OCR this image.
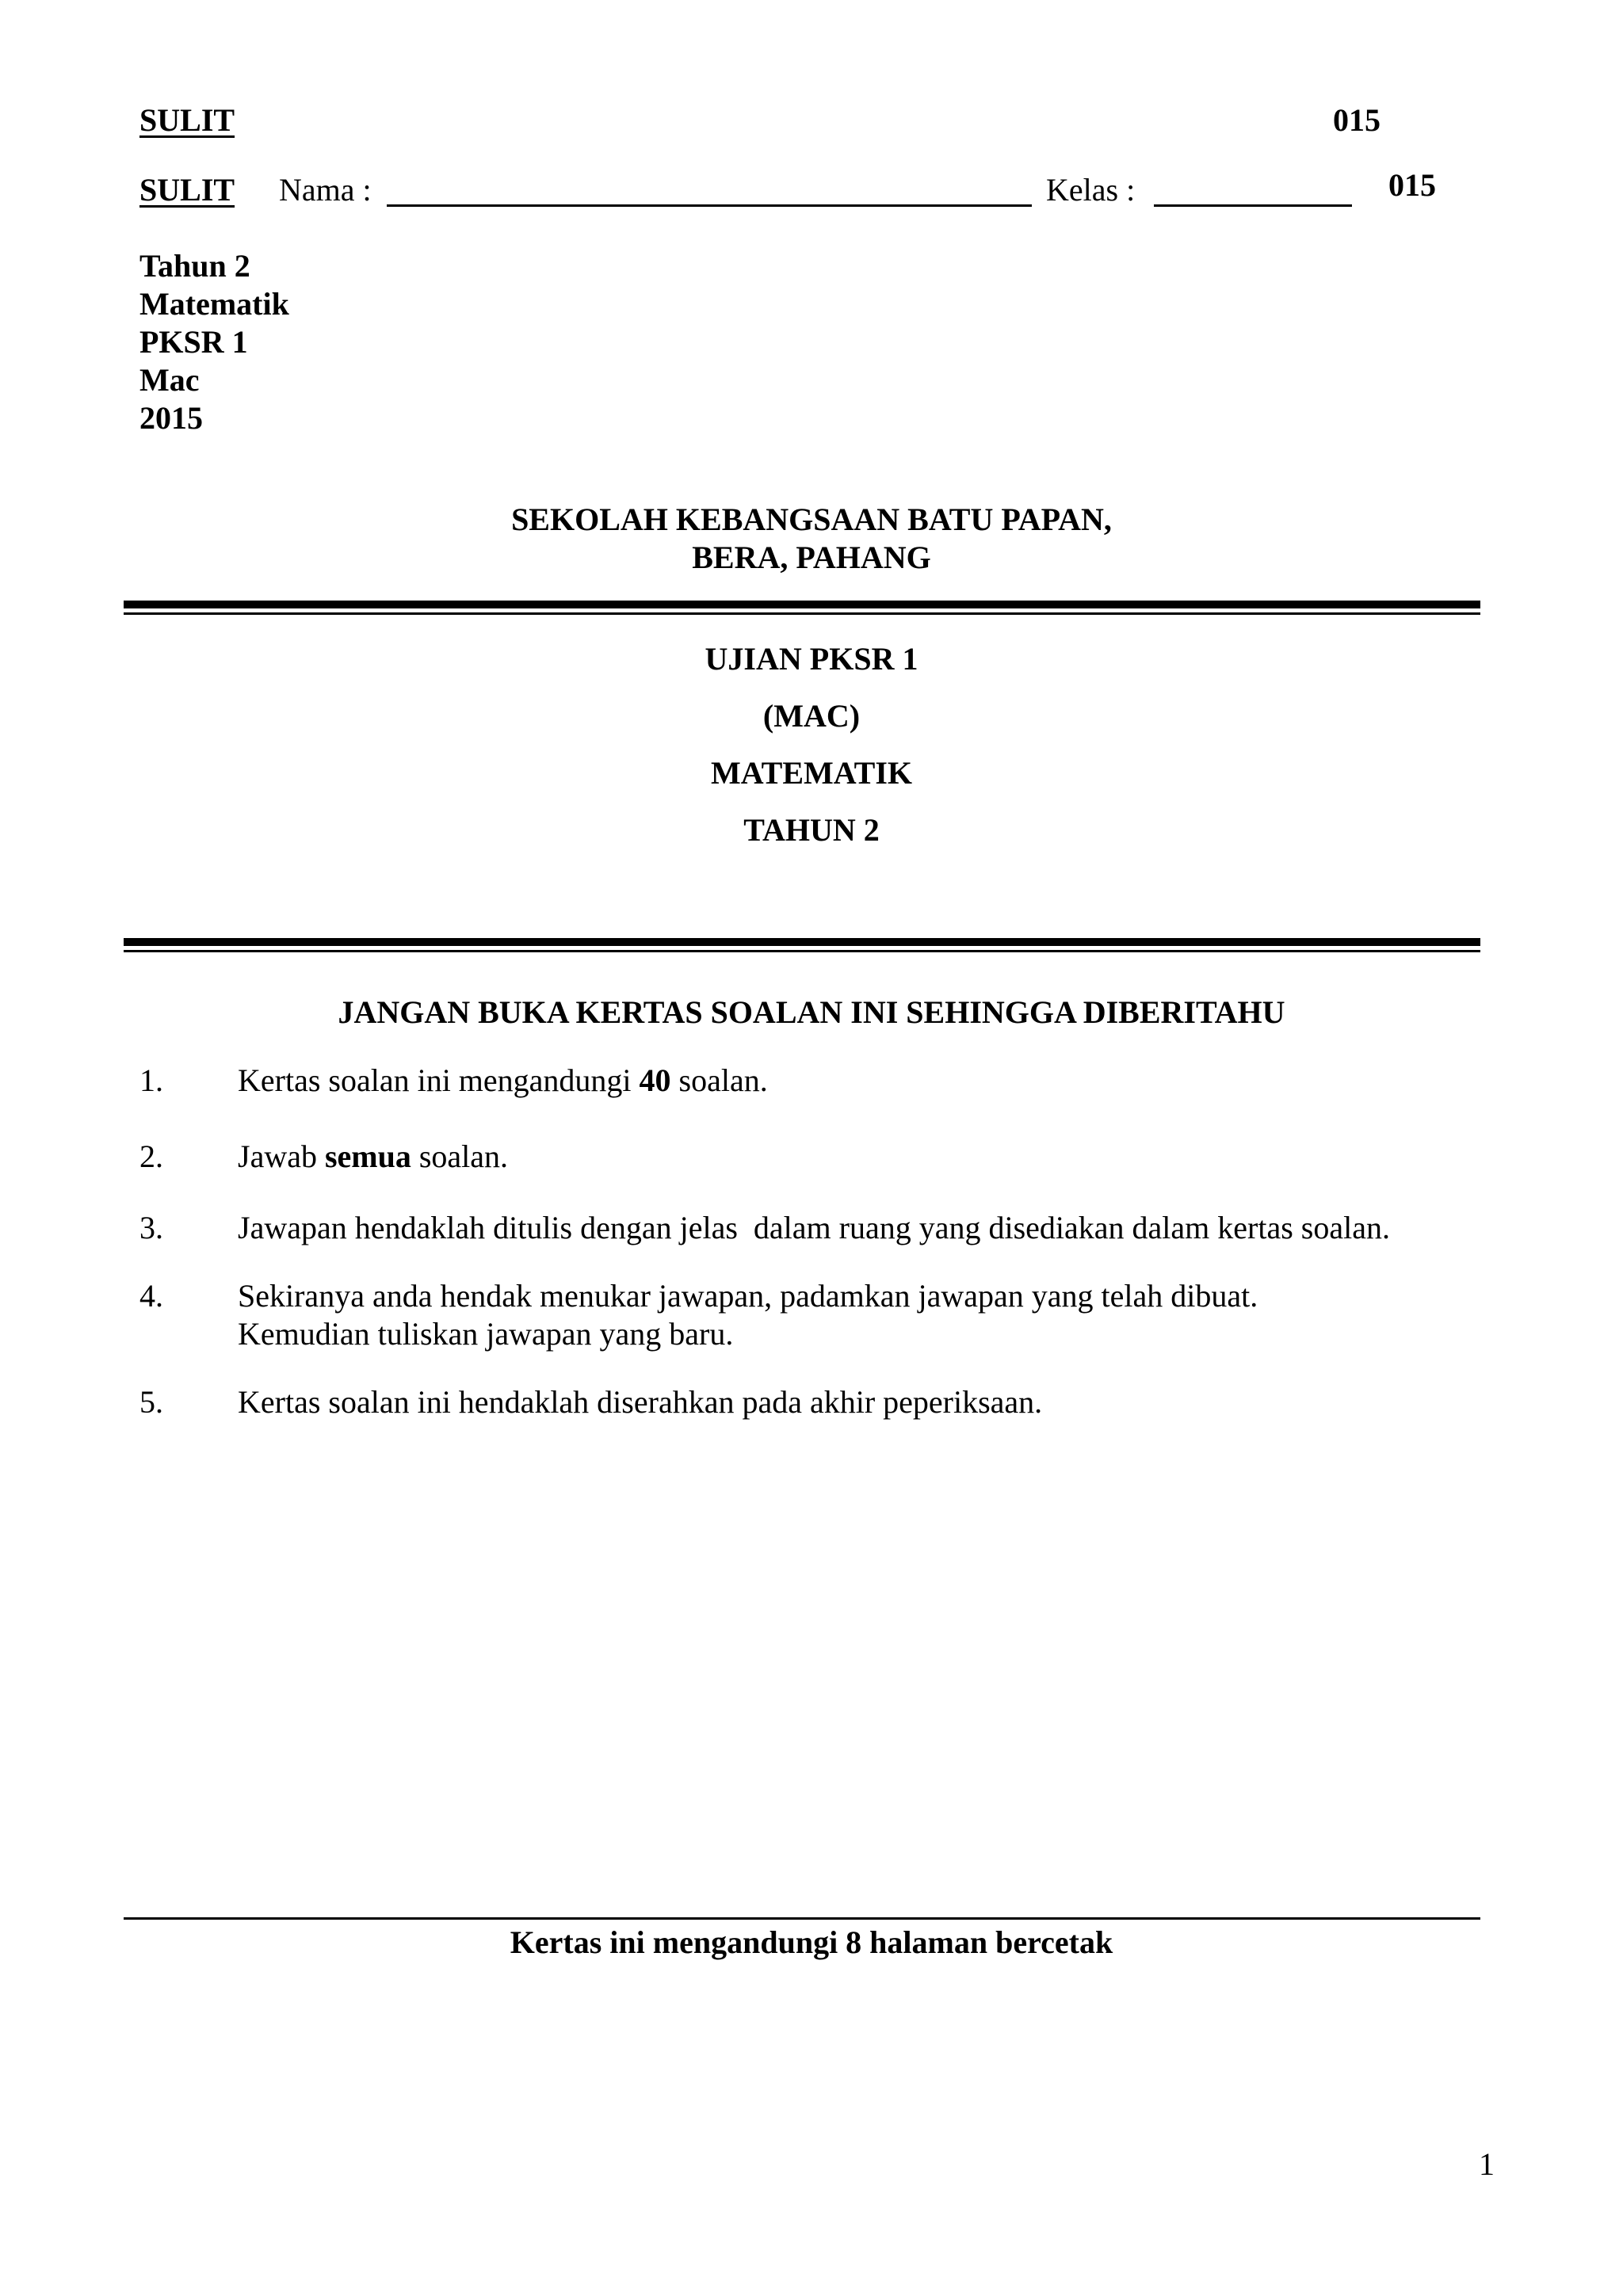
SULIT	015
SULIT Nama :	Kelas :	015
Tahun 2
Matematik
PKSR 1
Mac
2015
SEKOLAH KEBANGSAAN BATU PAPAN,
BERA, PAHANG
UJIAN PKSR 1
(MAC)
MATEMATIK
TAHUN 2
JANGAN BUKA KERTAS SOALAN INI SEHINGGA DIBERITAHU
1. Kertas soalan ini mengandungi 40 soalan.
2. Jawab semua soalan.
3. Jawapan hendaklah ditulis dengan jelas  dalam ruang yang disediakan dalam kertas soalan.
4. Sekiranya anda hendak menukar jawapan, padamkan jawapan yang telah dibuat.
Kemudian tuliskan jawapan yang baru.
5. Kertas soalan ini hendaklah diserahkan pada akhir peperiksaan.
Kertas ini mengandungi 8 halaman bercetak
1
